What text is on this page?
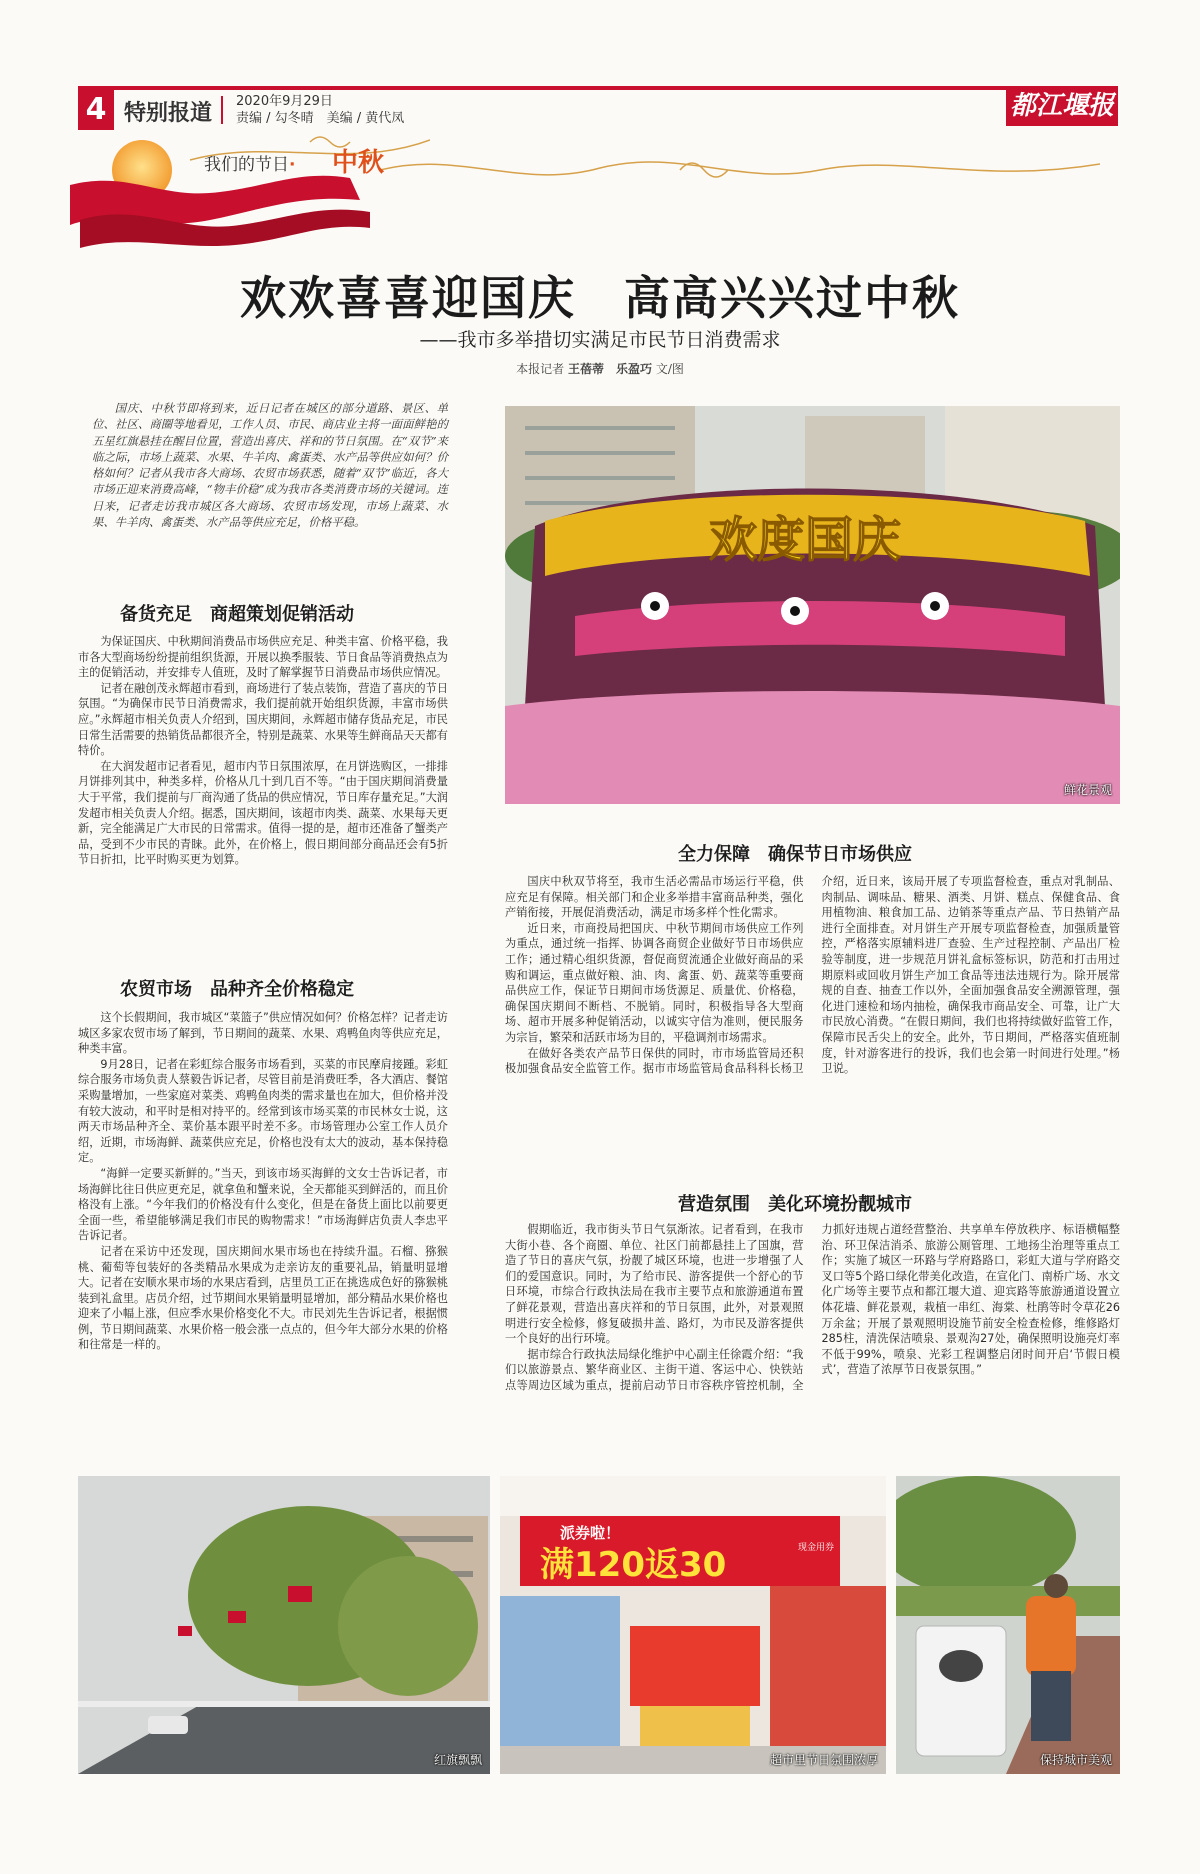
4 特别报道 2020年9月29日
责编 / 勾冬晴　美编 / 黄代凤	都江堰报
我们的节日· 中秋
欢欢喜喜迎国庆　高高兴兴过中秋
——我市多举措切实满足市民节日消费需求
本报记者 王蓓蒂　乐盈巧 文/图
国庆、中秋节即将到来，近日记者在城区的部分道路、景区、单位、社区、商圈等地看见，工作人员、市民、商店业主将一面面鲜艳的五星红旗悬挂在醒目位置，营造出喜庆、祥和的节日氛围。在“双节”来临之际，市场上蔬菜、水果、牛羊肉、禽蛋类、水产品等供应如何？价格如何？记者从我市各大商场、农贸市场获悉，随着“双节”临近，各大市场正迎来消费高峰，“物丰价稳”成为我市各类消费市场的关键词。连日来，记者走访我市城区各大商场、农贸市场发现，市场上蔬菜、水果、牛羊肉、禽蛋类、水产品等供应充足，价格平稳。	欢度国庆
鲜花景观
备货充足　商超策划促销活动

为保证国庆、中秋期间消费品市场供应充足、种类丰富、价格平稳，我市各大型商场纷纷提前组织货源，开展以换季服装、节日食品等消费热点为主的促销活动，并安排专人值班，及时了解掌握节日消费品市场供应情况。

记者在融创茂永辉超市看到，商场进行了装点装饰，营造了喜庆的节日氛围。“为确保市民节日消费需求，我们提前就开始组织货源，丰富市场供应。”永辉超市相关负责人介绍到，国庆期间，永辉超市储存货品充足，市民日常生活需要的热销货品都很齐全，特别是蔬菜、水果等生鲜商品天天都有特价。

在大润发超市记者看见，超市内节日氛围浓厚，在月饼选购区，一排排月饼排列其中，种类多样，价格从几十到几百不等。“由于国庆期间消费量大于平常，我们提前与厂商沟通了货品的供应情况，节日库存量充足。”大润发超市相关负责人介绍。据悉，国庆期间，该超市肉类、蔬菜、水果每天更新，完全能满足广大市民的日常需求。值得一提的是，超市还准备了蟹类产品，受到不少市民的青睐。此外，在价格上，假日期间部分商品还会有5折节日折扣，比平时购买更为划算。

农贸市场　品种齐全价格稳定

这个长假期间，我市城区“菜篮子”供应情况如何？价格怎样？记者走访城区多家农贸市场了解到，节日期间的蔬菜、水果、鸡鸭鱼肉等供应充足，种类丰富。

9月28日，记者在彩虹综合服务市场看到，买菜的市民摩肩接踵。彩虹综合服务市场负责人蔡毅告诉记者，尽管目前是消费旺季，各大酒店、餐馆采购量增加，一些家庭对菜类、鸡鸭鱼肉类的需求量也在加大，但价格并没有较大波动，和平时是相对持平的。经常到该市场买菜的市民林女士说，这两天市场品种齐全、菜价基本跟平时差不多。市场管理办公室工作人员介绍，近期，市场海鲜、蔬菜供应充足，价格也没有太大的波动，基本保持稳定。

“海鲜一定要买新鲜的。”当天，到该市场买海鲜的文女士告诉记者，市场海鲜比往日供应更充足，就拿鱼和蟹来说，全天都能买到鲜活的，而且价格没有上涨。“今年我们的价格没有什么变化，但是在备货上面比以前要更全面一些，希望能够满足我们市民的购物需求！”市场海鲜店负责人李忠平告诉记者。

记者在采访中还发现，国庆期间水果市场也在持续升温。石榴、猕猴桃、葡萄等包装好的各类精品水果成为走亲访友的重要礼品，销量明显增大。记者在安顺水果市场的水果店看到，店里员工正在挑选成色好的猕猴桃装到礼盒里。店员介绍，过节期间水果销量明显增加，部分精品水果价格也迎来了小幅上涨，但应季水果价格变化不大。市民刘先生告诉记者，根据惯例，节日期间蔬菜、水果价格一般会涨一点点的，但今年大部分水果的价格和往常是一样的。

全力保障　确保节日市场供应

国庆中秋双节将至，我市生活必需品市场运行平稳，供应充足有保障。相关部门和企业多举措丰富商品种类，强化产销衔接，开展促消费活动，满足市场多样个性化需求。

近日来，市商投局把国庆、中秋节期间市场供应工作列为重点，通过统一指挥、协调各商贸企业做好节日市场供应工作；通过精心组织货源，督促商贸流通企业做好商品的采购和调运，重点做好粮、油、肉、禽蛋、奶、蔬菜等重要商品供应工作，保证节日期间市场货源足、质量优、价格稳，确保国庆期间不断档、不脱销。同时，积极指导各大型商场、超市开展多种促销活动，以诚实守信为准则，便民服务为宗旨，繁荣和活跃市场为目的，平稳调剂市场需求。

在做好各类农产品节日保供的同时，市市场监管局还积极加强食品安全监管工作。据市市场监管局食品科科长杨卫介绍，近日来，该局开展了专项监督检查，重点对乳制品、肉制品、调味品、糖果、酒类、月饼、糕点、保健食品、食用植物油、粮食加工品、边销茶等重点产品、节日热销产品进行全面排查。对月饼生产开展专项监督检查，加强质量管控，严格落实原辅料进厂查验、生产过程控制、产品出厂检验等制度，进一步规范月饼礼盒标签标识，防范和打击用过期原料或回收月饼生产加工食品等违法违规行为。除开展常规的自查、抽查工作以外，全面加强食品安全溯源管理，强化进门速检和场内抽检，确保我市商品安全、可靠，让广大市民放心消费。“在假日期间，我们也将持续做好监管工作，保障市民舌尖上的安全。此外，节日期间，严格落实值班制度，针对游客进行的投诉，我们也会第一时间进行处理。”杨卫说。

营造氛围　美化环境扮靓城市

假期临近，我市街头节日气氛渐浓。记者看到，在我市大街小巷、各个商圈、单位、社区门前都悬挂上了国旗，营造了节日的喜庆气氛，扮靓了城区环境，也进一步增强了人们的爱国意识。同时，为了给市民、游客提供一个舒心的节日环境，市综合行政执法局在我市主要节点和旅游通道布置了鲜花景观，营造出喜庆祥和的节日氛围，此外，对景观照明进行安全检修，修复破损井盖、路灯，为市民及游客提供一个良好的出行环境。

据市综合行政执法局绿化维护中心副主任徐霞介绍：“我们以旅游景点、繁华商业区、主街干道、客运中心、快铁站点等周边区域为重点，提前启动节日市容秩序管控机制，全力抓好违规占道经营整治、共享单车停放秩序、标语横幅整治、环卫保洁消杀、旅游公厕管理、工地扬尘治理等重点工作；实施了城区一环路与学府路路口，彩虹大道与学府路交叉口等5个路口绿化带美化改造，在宣化门、南桥广场、水文化广场等主要节点和都江堰大道、迎宾路等旅游通道设置立体花墙、鲜花景观，栽植一串红、海棠、杜鹃等时令草花26万余盆；开展了景观照明设施节前安全检查检修，维修路灯285柱，清洗保洁喷泉、景观沟27处，确保照明设施亮灯率不低于99%，喷泉、光彩工程调整启闭时间开启‘节假日模式’，营造了浓厚节日夜景氛围。”

红旗飘飘
派券啦！
满120返30	现金用券
超市里节日氛围浓厚	保持城市美观
